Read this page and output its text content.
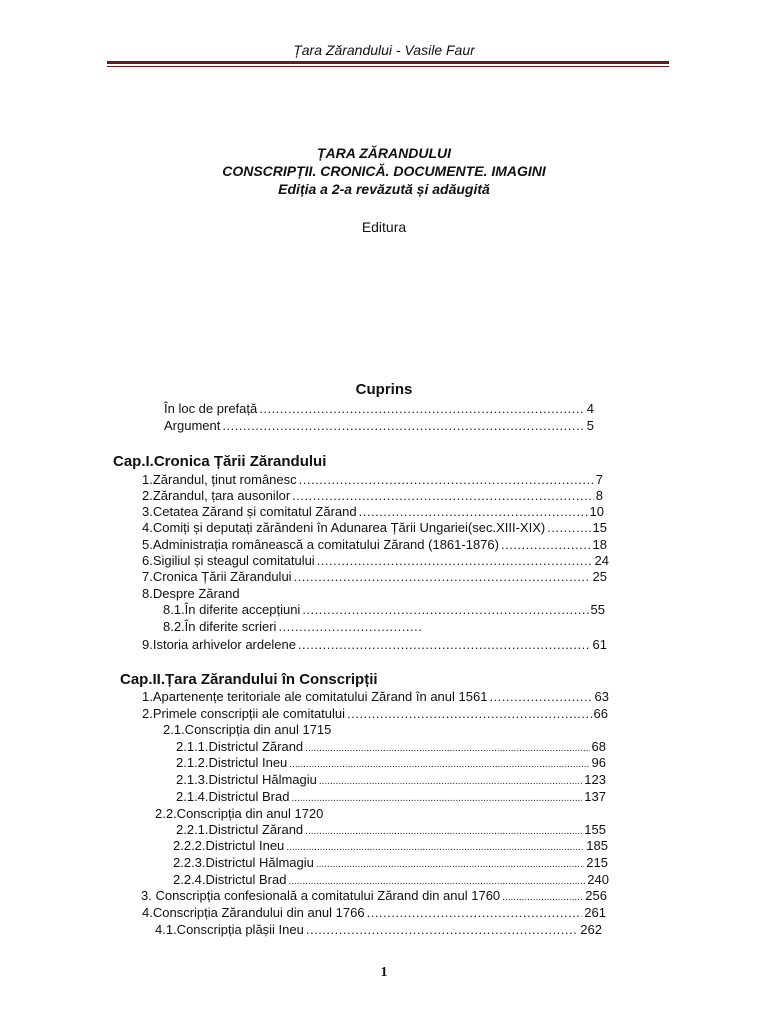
Țara Zărandului - Vasile Faur
ȚARA ZĂRANDULUI
CONSCRIPȚII. CRONICĂ. DOCUMENTE. IMAGINI
Ediția a 2-a revăzută și adăugită
Editura
Cuprins
În loc de prefață .....	4
Argument .....	5
Cap.I.Cronica Țării Zărandului
1.Zărandul, ținut românesc .....	7
2.Zărandul, țara ausonilor .....	8
3.Cetatea Zărand și comitatul Zărand .....	10
4.Comiți și deputați zărăndeni în Adunarea Țării Ungariei(sec.XIII-XIX) .....	15
5.Administrația românească a comitatului Zărand (1861-1876) .....	18
6.Sigiliul și steagul comitatului .....	24
7.Cronica Țării Zărandului .....	25
8.Despre Zărand
8.1.În diferite accepțiuni .....	55
8.2.În diferite scrieri
.....
9.Istoria arhivelor ardelene .....	61
Cap.II.Țara Zărandului în Conscripții
1.Apartenențe teritoriale ale comitatului Zărand în anul 1561 .....	63
2.Primele conscripții ale comitatului .....	66
2.1.Conscripția din anul 1715
2.1.1.Districtul Zărand .....	68
2.1.2.Districtul Ineu .....	96
2.1.3.Districtul Hălmagiu .....	123
2.1.4.Districtul Brad .....	137
2.2.Conscripția din anul 1720
2.2.1.Districtul Zărand .....	155
2.2.2.Districtul Ineu .....	185
2.2.3.Districtul Hălmagiu .....	215
2.2.4.Districtul Brad .....	240
3. Conscripția confesională a comitatului Zărand din anul 1760 .....	256
4.Conscripția Zărandului din anul 1766 .....	261
4.1.Conscripția plășii Ineu .....	262
1
